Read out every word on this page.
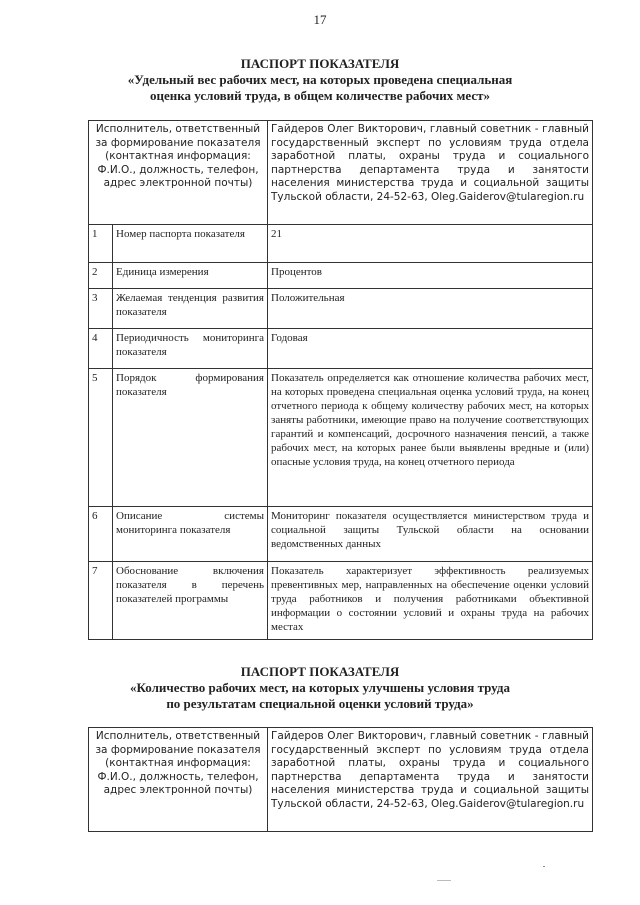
17
ПАСПОРТ ПОКАЗАТЕЛЯ
«Удельный вес рабочих мест, на которых проведена специальная
оценка условий труда, в общем количестве рабочих мест»
Исполнитель, ответственный за формирование показателя (контактная информация: Ф.И.О., должность, телефон, адрес электронной почты)		Гайдеров Олег Викторович, главный советник - главный государственный эксперт по условиям труда отдела заработной платы, охраны труда и социального партнерства департамента труда и занятости населения министерства труда и социальной защиты Тульской области, 24-52-63, Oleg.Gaiderov@tularegion.ru
1	Номер паспорта показателя	21
2	Единица измерения	Процентов
3	Желаемая тенденция развития показателя	Положительная
4	Периодичность мониторинга показателя	Годовая
5	Порядок формирования показателя	Показатель определяется как отношение количества рабочих мест, на которых проведена специальная оценка условий труда, на конец отчетного периода к общему количеству рабочих мест, на которых заняты работники, имеющие право на получение соответствующих гарантий и компенсаций, досрочного назначения пенсий, а также рабочих мест, на которых ранее были выявлены вредные и (или) опасные условия труда, на конец отчетного периода
6	Описание системы мониторинга показателя	Мониторинг показателя осуществляется министерством труда и социальной защиты Тульской области на основании ведомственных данных
7	Обоснование включения показателя в перечень показателей программы	Показатель характеризует эффективность реализуемых превентивных мер, направленных на обеспечение оценки условий труда работников и получения работниками объективной информации о состоянии условий и охраны труда на рабочих местах
ПАСПОРТ ПОКАЗАТЕЛЯ
«Количество рабочих мест, на которых улучшены условия труда
по результатам специальной оценки условий труда»
Исполнитель, ответственный за формирование показателя (контактная информация: Ф.И.О., должность, телефон, адрес электронной почты)	Гайдеров Олег Викторович, главный советник - главный государственный эксперт по условиям труда отдела заработной платы, охраны труда и социального партнерства департамента труда и занятости населения министерства труда и социальной защиты Тульской области, 24-52-63, Oleg.Gaiderov@tularegion.ru
